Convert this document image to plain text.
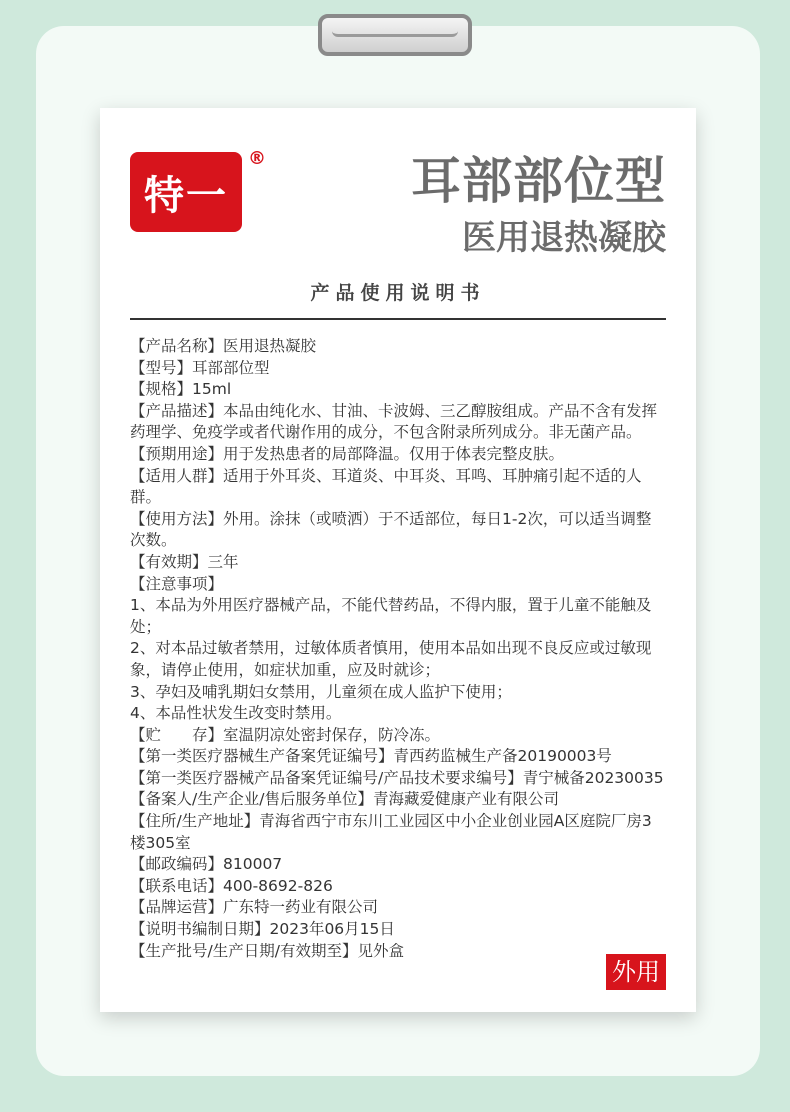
特一
®	耳部部位型
医用退热凝胶
产品使用说明书
【产品名称】医用退热凝胶
【型号】耳部部位型
【规格】15ml
【产品描述】本品由纯化水、甘油、卡波姆、三乙醇胺组成。产品不含有发挥药理学、免疫学或者代谢作用的成分，不包含附录所列成分。非无菌产品。
【预期用途】用于发热患者的局部降温。仅用于体表完整皮肤。
【适用人群】适用于外耳炎、耳道炎、中耳炎、耳鸣、耳肿痛引起不适的人群。
【使用方法】外用。涂抹（或喷洒）于不适部位，每日1-2次，可以适当调整次数。
【有效期】三年
【注意事项】
1、本品为外用医疗器械产品，不能代替药品，不得内服，置于儿童不能触及处；
2、对本品过敏者禁用，过敏体质者慎用，使用本品如出现不良反应或过敏现象，请停止使用，如症状加重，应及时就诊；
3、孕妇及哺乳期妇女禁用，儿童须在成人监护下使用；
4、本品性状发生改变时禁用。
【贮　　存】室温阴凉处密封保存，防冷冻。
【第一类医疗器械生产备案凭证编号】青西药监械生产备20190003号
【第一类医疗器械产品备案凭证编号/产品技术要求编号】青宁械备20230035
【备案人/生产企业/售后服务单位】青海藏爱健康产业有限公司
【住所/生产地址】青海省西宁市东川工业园区中小企业创业园A区庭院厂房3楼305室
【邮政编码】810007
【联系电话】400-8692-826
【品牌运营】广东特一药业有限公司
【说明书编制日期】2023年06月15日
【生产批号/生产日期/有效期至】见外盒
外用
